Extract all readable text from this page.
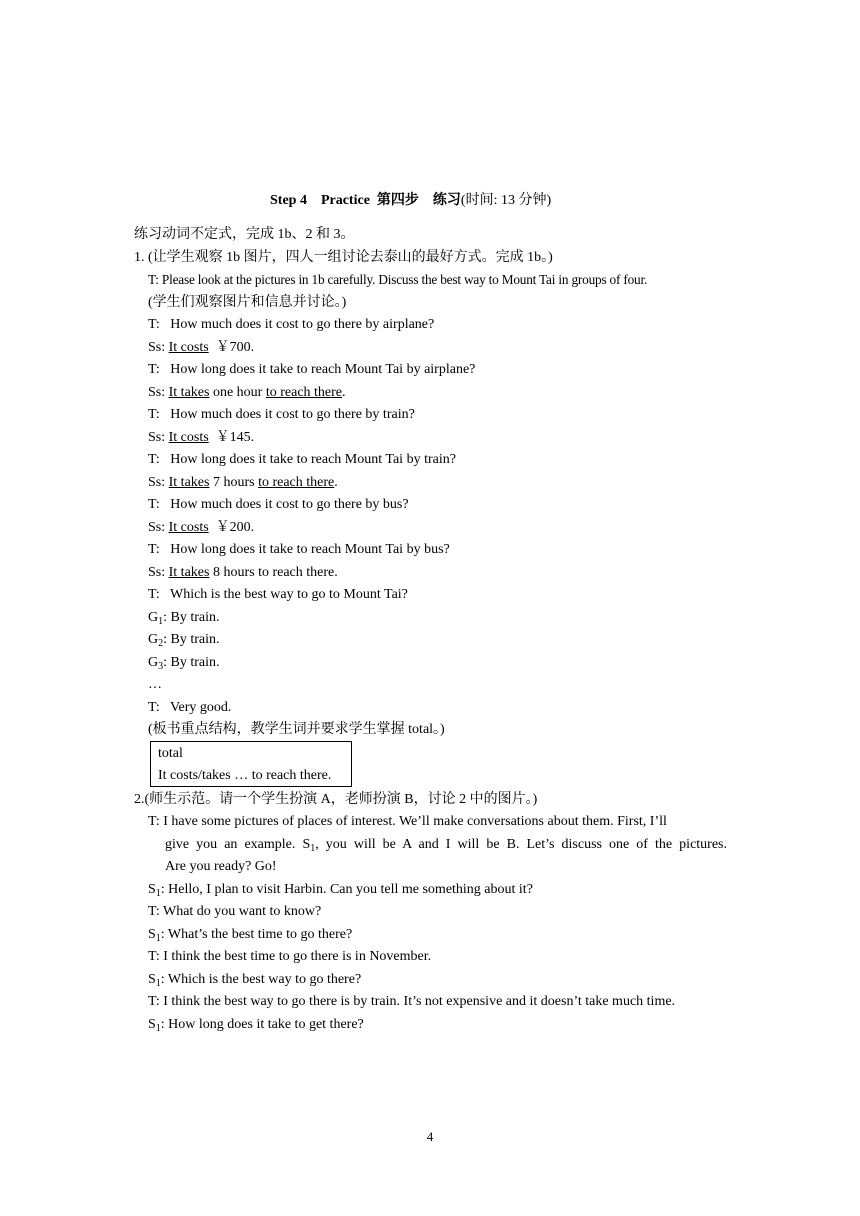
Step 4 Practice 第四步　练习(时间: 13 分钟)
练习动词不定式，完成 1b、2 和 3。
1. (让学生观察 1b 图片，四人一组讨论去泰山的最好方式。完成 1b。)
T: Please look at the pictures in 1b carefully. Discuss the best way to Mount Tai in groups of four.
(学生们观察图片和信息并讨论。)
T:   How much does it cost to go there by airplane?
Ss: It costs  ￥700.
T:   How long does it take to reach Mount Tai by airplane?
Ss: It takes one hour to reach there.
T:   How much does it cost to go there by train?
Ss: It costs  ￥145.
T:   How long does it take to reach Mount Tai by train?
Ss: It takes 7 hours to reach there.
T:   How much does it cost to go there by bus?
Ss: It costs  ￥200.
T:   How long does it take to reach Mount Tai by bus?
Ss: It takes 8 hours to reach there.
T:   Which is the best way to go to Mount Tai?
$G_1$: By train.
$G_2$: By train.
$G_3$: By train.
…
T:   Very good.
(板书重点结构，教学生词并要求学生掌握 total。)
total
It costs/takes … to reach there.
2.(师生示范。请一个学生扮演 A，老师扮演 B，讨论 2 中的图片。)
T: I have some pictures of places of interest. We’ll make conversations about them. First, I’ll
give you an example. $S_1$, you will be A and I will be B. Let’s discuss one of the pictures.
Are you ready? Go!
$S_1$: Hello, I plan to visit Harbin. Can you tell me something about it?
T: What do you want to know?
$S_1$: What’s the best time to go there?
T: I think the best time to go there is in November.
$S_1$: Which is the best way to go there?
T: I think the best way to go there is by train. It’s not expensive and it doesn’t take much time.
$S_1$: How long does it take to get there?
4
